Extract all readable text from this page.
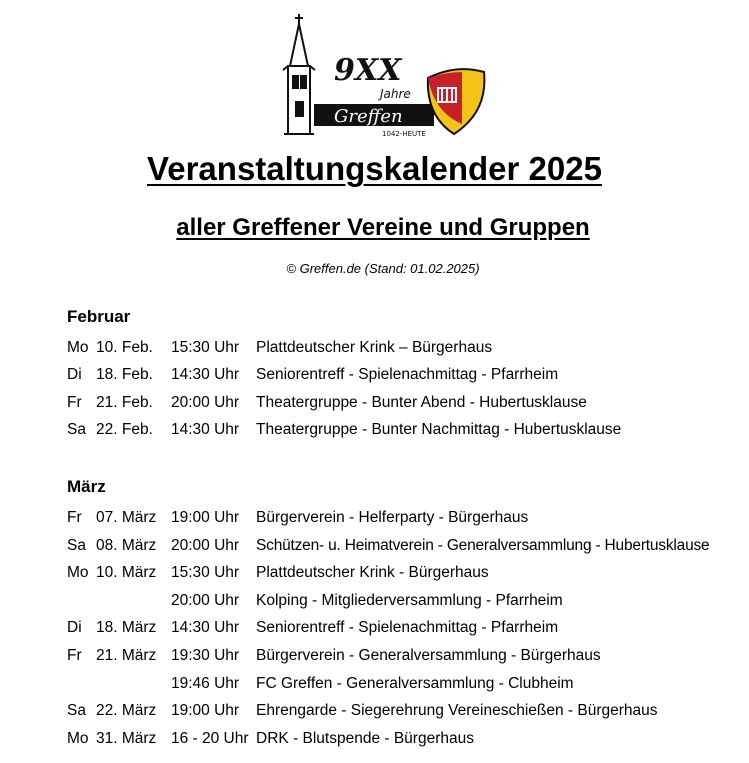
9XX
Jahre
Greffen
1042-HEUTE
Veranstaltungskalender 2025
aller Greffener Vereine und Gruppen
© Greffen.de (Stand: 01.02.2025)
Februar
Mo 10. Feb. 15:30 Uhr Plattdeutscher Krink – Bürgerhaus
Di 18. Feb. 14:30 Uhr Seniorentreff - Spielenachmittag - Pfarrheim
Fr 21. Feb. 20:00 Uhr Theatergruppe - Bunter Abend - Hubertusklause
Sa 22. Feb. 14:30 Uhr Theatergruppe - Bunter Nachmittag - Hubertusklause
März
Fr 07. März 19:00 Uhr Bürgerverein - Helferparty - Bürgerhaus
Sa 08. März 20:00 Uhr Schützen- u. Heimatverein - Generalversammlung - Hubertusklause
Mo 10. März 15:30 Uhr Plattdeutscher Krink - Bürgerhaus
20:00 Uhr Kolping - Mitgliederversammlung - Pfarrheim
Di 18. März 14:30 Uhr Seniorentreff - Spielenachmittag - Pfarrheim
Fr 21. März 19:30 Uhr Bürgerverein - Generalversammlung - Bürgerhaus
19:46 Uhr FC Greffen - Generalversammlung - Clubheim
Sa 22. März 19:00 Uhr Ehrengarde - Siegerehrung Vereineschießen - Bürgerhaus
Mo 31. März 16 - 20 Uhr DRK - Blutspende - Bürgerhaus
